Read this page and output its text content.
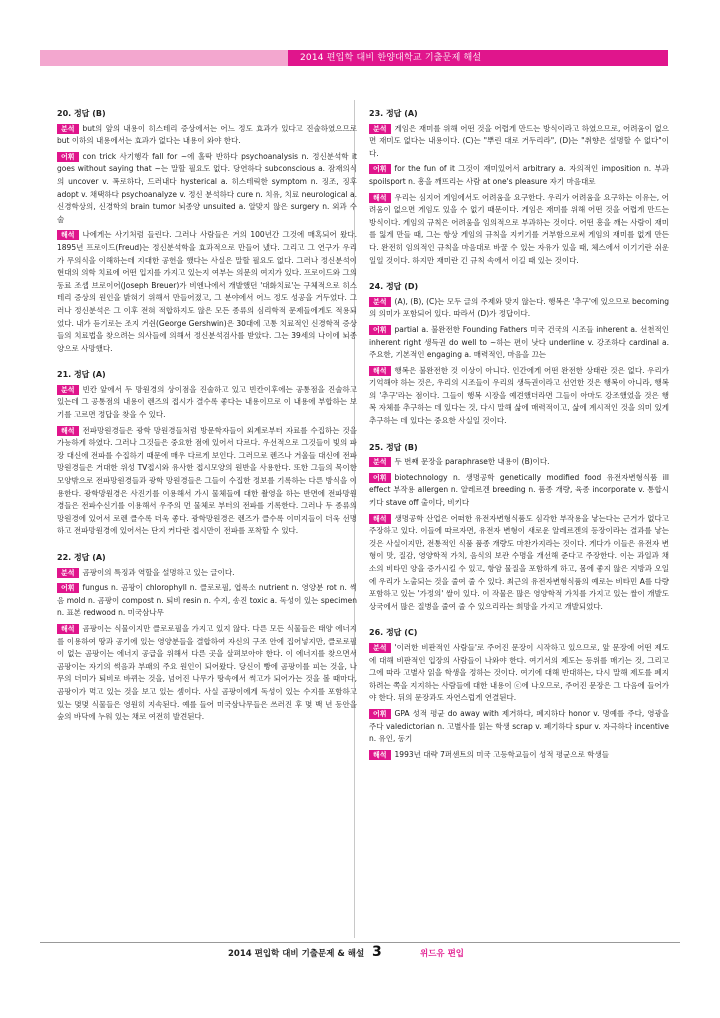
2014 편입학 대비 한양대학교 기출문제 해설
20. 정답 (B)
분석 but의 앞의 내용이 히스테리 증상에서는 어느 정도 효과가 있다고 진술하였으므로 but 이하의 내용에서는 효과가 없다는 내용이 와야 한다.
어휘 con trick 사기행각 fall for ~에 홀딱 반하다 psychoanalysis n. 정신분석학 it goes without saying that ~는 말할 필요도 없다. 당연하다 subconscious a. 잠재의식의 uncover v. 폭로하다, 드러내다 hysterical a. 히스테릭한 symptom n. 징조, 징후 adopt v. 채택하다 psychoanalyze v. 정신 분석하다 cure n. 치유, 치료 neurological a. 신경학상의, 신경학의 brain tumor 뇌종양 unsuited a. 알맞지 않은 surgery n. 외과 수술
해석 나에게는 사기처럼 들린다. 그러나 사람들은 거의 100년간 그것에 매혹되어 왔다. 1895년 프로이드(Freud)는 정신분석학을 효과적으로 만들어 냈다. 그리고 그 연구가 우리가 무의식을 이해하는데 지대한 공헌을 했다는 사실은 말할 필요도 없다. 그러나 정신분석이 현대의 의학 치료에 어떤 입지를 가지고 있는지 여부는 의문의 여지가 있다. 프로이드와 그의 동료 조셉 브로이어(Joseph Breuer)가 비엔나에서 개발했던 '대화치료'는 구체적으로 히스테리 증상의 원인을 밝혀기 위해서 만들어졌고, 그 분야에서 어느 정도 성공을 거두었다. 그러나 정신분석은 그 이후 전혀 적합하지도 않은 모든 종류의 심리학적 문제들에게도 적용되었다. 내가 듣기로는 조지 거쉰(George Gershwin)은 30대에 고통 치료적인 신경학적 증상들의 치료법을 찾으려는 의사들에 의해서 정신분석검사를 받았다. 그는 39세의 나이에 뇌종양으로 사망했다.
21. 정답 (A)
분석 빈칸 앞에서 두 망원경의 상이점을 진술하고 있고 빈칸이후에는 공통점을 진술하고 있는데 그 공통점의 내용이 렌즈의 접시가 결수록 좋다는 내용이므로 이 내용에 부합하는 보기를 고르면 정답을 찾을 수 있다.
해석 전파망원경들은 광학 망원경들처럼 방문학자들이 외계로부터 자료를 수집하는 것을 가능하게 하였다. 그러나 그것들은 중요한 점에 있어서 다르다. 우선적으로 그것들이 빛의 파장 대신에 전파를 수집하기 때문에 매우 다르게 보인다. 그러므로 렌즈나 거울들 대신에 전파망원경들은 거대한 위성 TV접시와 유사한 접시모양의 원반을 사용한다. 또한 그들의 목이한 모양밖으로 전파망원경들과 광학 망원경들은 그들이 수집한 정보를 기록하는 다른 방식을 이용한다. 광학망원경은 사진기를 이용해서 가시 물체들에 대한 촬영을 하는 반면에 전파망원경들은 전파수신기를 이용해서 우주의 먼 물체로 부터의 전파를 기록한다. 그러나 두 종류의 망원경에 있어서 로렌 클수록 더욱 좋다. 광학망원경은 렌즈가 클수록 이미지들이 더욱 선명하고 전파망원경에 있어서는 단지 커다란 접시만이 전파를 포착할 수 있다.
22. 정답 (A)
분석 곰팡이의 특징과 역할을 설명하고 있는 글이다.
어휘 fungus n. 곰팡이 chlorophyll n. 클로로필, 엽록소 nutrient n. 영양분 rot n. 썩음 mold n. 곰팡이 compost n. 퇴비 resin n. 수지, 송진 toxic a. 독성이 있는 specimen n. 표본 redwood n. 미국삼나무
해석 곰팡이는 식물이지만 클로로필을 가지고 있지 않다. 다른 모든 식물들은 태양 에너지를 이용하여 땅과 공기에 있는 영양분들을 결합하여 자신의 구조 안에 집어넣지만, 클로로필이 없는 곰팡이는 에너지 공급을 위해서 다른 곳을 살펴보아야 한다. 이 에너지를 찾으면서 곰팡이는 자기의 썩음과 부패의 주요 원인이 되어왔다. 당신이 빵에 곰팡이를 피는 것을, 나무의 더미가 퇴비로 바뀌는 것을, 넘어진 나무가 땅속에서 썩고가 되어가는 것을 볼 때마다, 곰팡이가 먹고 있는 것을 보고 있는 셈이다. 사실 곰팡이에게 독성이 있는 수지를 포함하고 있는 몇몇 식물들은 영원히 지속된다. 예를 들어 미국삼나무들은 쓰러진 후 몇 백 년 동안을 숲의 바닥에 누워 있는 채로 여전히 발견된다.
23. 정답 (A)
분석 게임은 재미를 위해 어떤 것을 어렵게 만드는 방식이라고 하였으므로, 어려움이 없으면 재미도 없다는 내용이다. (C)는 "뿌린 대로 거두리라", (D)는 "취향은 설명할 수 없다"이다.
어휘 for the fun of it 그것이 재미있어서 arbitrary a. 자의적인 imposition n. 부과 spoilsport n. 흥을 깨뜨리는 사람 at one's pleasure 자기 마음대로
해석 우리는 심지어 게임에서도 어려움을 요구한다. 우리가 어려움을 요구하는 이유는, 어려움이 없으면 게임도 있을 수 없기 때문이다. 게임은 재미를 위해 어떤 것을 어렵게 만드는 방식이다. 게임의 규칙은 어려움을 임의적으로 부과하는 것이다. 어떤 흥을 깨는 사람이 재미를 잃게 만들 때, 그는 항상 게임의 규칙을 지키기를 거부함으로써 게임의 재미를 없게 만든다. 완전히 임의적인 규칙을 마음대로 바꿀 수 있는 자유가 있을 때, 체스에서 이기기란 쉬운 일일 것이다. 하지만 재미란 긴 규칙 속에서 이길 때 있는 것이다.
24. 정답 (D)
분석 (A), (B), (C)는 모두 글의 주제와 맞지 않는다. 행복은 '추구'에 있으므로 becoming의 의미가 포함되어 있다. 따라서 (D)가 정답이다.
어휘 partial a. 불완전한 Founding Fathers 미국 건국의 시조들 inherent a. 선천적인 inherent right 생득권 do well to ~하는 편이 낫다 underline v. 강조하다 cardinal a. 주요한, 기본적인 engaging a. 매력적인, 마음을 끄는
해석 행복은 불완전한 것 이상이 아니다. 인간에게 어떤 완전한 상태란 것은 없다. 우리가 기억해야 하는 것은, 우리의 시조들이 우리의 생득권이라고 선언한 것은 행복이 아니라, 행복의 '추구'라는 점이다. 그들이 행복 시장을 예견했더라면 그들이 아마도 강조했었을 것은 행복 자체를 추구하는 데 있다는 것, 다시 말해 삶에 매력적이고, 삶에 계시적인 것을 의미 있게 추구하는 데 있다는 중요한 사실일 것이다.
25. 정답 (B)
분석 두 번째 문장을 paraphrase한 내용이 (B)이다.
어휘 biotechnology n. 생명공학 genetically modified food 유전자변형식품 ill effect 부작용 allergen n. 알레르겐 breeding n. 품종 개량, 육종 incorporate v. 통합시키다 stave off 출이다, 비키다
해석 생명공학 산업은 어떠한 유전자변형식품도 심각한 부작용을 낳는다는 근거가 없다고 주장하고 있다. 이들에 따르자면, 유전자 변형이 새로운 알레르겐의 등장이라는 결과를 낳는 것은 사실이지만, 전통적인 식품 품종 개량도 마찬가지라는 것이다. 게다가 이들은 유전자 변형이 맛, 질감, 영양학적 가치, 음식의 보관 수명을 개선해 준다고 주장한다. 이는 과일과 채소의 비타민 양을 증가시킬 수 있고, 항암 물질을 포함하게 하고, 몸에 좋지 않은 지방과 오일에 우리가 노출되는 것을 줄여 줄 수 있다. 최근의 유전자변형식품의 예로는 비타민 A를 다량 포함하고 있는 '가정의' 쌀이 있다. 이 작물은 많은 영양학적 가치를 가지고 있는 쌀이 개발도상국에서 많은 질병을 줄여 줄 수 있으리라는 희망을 가지고 개발되었다.
26. 정답 (C)
분석 '이러한 비판적인 사람들'로 주어진 문장이 시작하고 있으므로, 앞 문장에 어떤 제도에 대해 비판적인 입장의 사람들이 나와야 한다. 여기서의 제도는 등위를 매기는 것, 그리고 그에 따라 고별사 읽을 학생을 정하는 것이다. 여기에 대해 반대하는, 다시 말해 제도를 폐지하려는 쪽을 지지하는 사람들에 대한 내용이 ⓒ에 나오므로, 주어진 문장은 그 다음에 들어가야 한다. 뒤의 문장과도 자연스럽게 연결된다.
어휘 GPA 성적 평균 do away with 제거하다, 폐지하다 honor v. 명예를 주다, 영광을 주다 valedictorian n. 고별사를 읽는 학생 scrap v. 폐기하다 spur v. 자극하다 incentive n. 유인, 동기
해석 1993년 대략 7퍼센트의 미국 고등학교들이 성적 평균으로 학생들
2014 편입학 대비 기출문제 & 해설 3	위드유 편입
